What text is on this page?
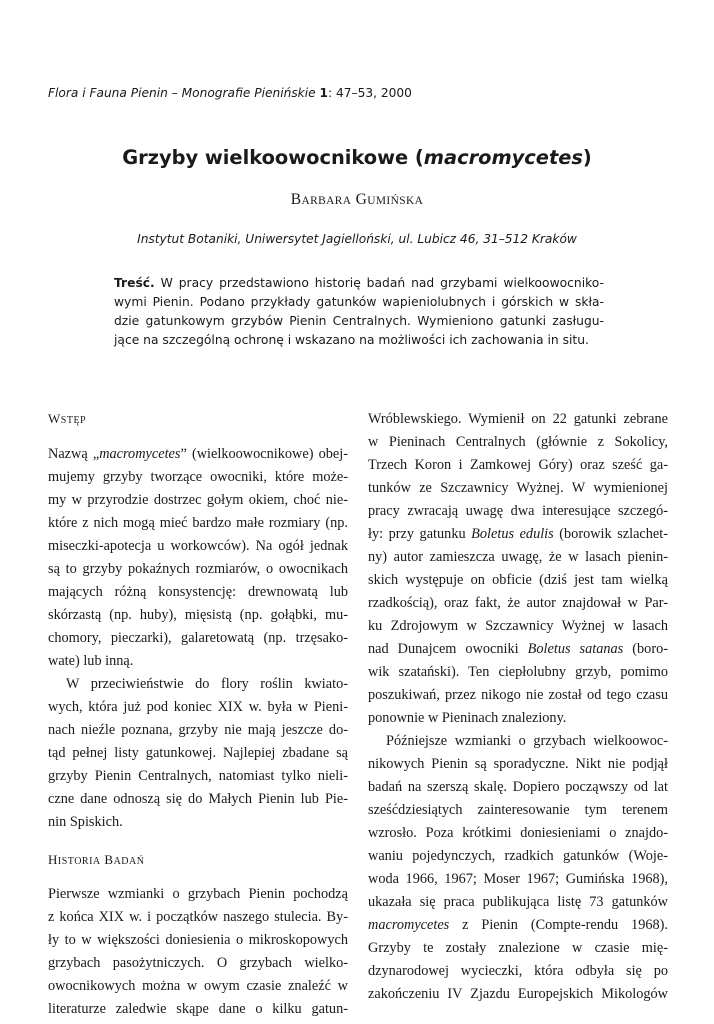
Flora i Fauna Pienin – Monografie Pienińskie 1: 47–53, 2000
Grzyby wielkoowocnikowe (macromycetes)
BARBARA GUMIŃSKA
Instytut Botaniki, Uniwersytet Jagielloński, ul. Lubicz 46, 31–512 Kraków
Treść. W pracy przedstawiono historię badań nad grzybami wielkoowocniko-
wymi Pienin. Podano przykłady gatunków wapieniolubnych i górskich w skła-
dzie gatunkowym grzybów Pienin Centralnych. Wymieniono gatunki zasługu-
jące na szczególną ochronę i wskazano na możliwości ich zachowania in situ.
WSTĘP
Nazwą „macromycetes” (wielkoowocnikowe) obej-
mujemy grzyby tworzące owocniki, które może-
my w przyrodzie dostrzec gołym okiem, choć nie-
które z nich mogą mieć bardzo małe rozmiary (np.
miseczki-apotecja u workowców). Na ogół jednak
są to grzyby pokaźnych rozmiarów, o owocnikach
mających różną konsystencję: drewnowatą lub
skórzastą (np. huby), mięsistą (np. gołąbki, mu-
chomory, pieczarki), galaretowatą (np. trzęsako-
wate) lub inną.
W przeciwieństwie do flory roślin kwiato-
wych, która już pod koniec XIX w. była w Pieni-
nach nieźle poznana, grzyby nie mają jeszcze do-
tąd pełnej listy gatunkowej. Najlepiej zbadane są
grzyby Pienin Centralnych, natomiast tylko nieli-
czne dane odnoszą się do Małych Pienin lub Pie-
nin Spiskich.
HISTORIA BADAŃ
Pierwsze wzmianki o grzybach Pienin pochodzą
z końca XIX w. i początków naszego stulecia. By-
ły to w większości doniesienia o mikroskopowych
grzybach pasożytniczych. O grzybach wielko-
owocnikowych można w owym czasie znaleźć w
literaturze zaledwie skąpe dane o kilku gatun-
Wróblewskiego. Wymienił on 22 gatunki zebrane
w Pieninach Centralnych (głównie z Sokolicy,
Trzech Koron i Zamkowej Góry) oraz sześć ga-
tunków ze Szczawnicy Wyżnej. W wymienionej
pracy zwracają uwagę dwa interesujące szczegó-
ły: przy gatunku Boletus edulis (borowik szlachet-
ny) autor zamieszcza uwagę, że w lasach pienin-
skich występuje on obficie (dziś jest tam wielką
rzadkością), oraz fakt, że autor znajdował w Par-
ku Zdrojowym w Szczawnicy Wyżnej w lasach
nad Dunajcem owocniki Boletus satanas (borо-
wik szatański). Ten ciepłolubny grzyb, pomimo
poszukiwań, przez nikogo nie został od tego czasu
ponownie w Pieninach znaleziony.
Późniejsze wzmianki o grzybach wielkoowoc-
nikowych Pienin są sporadyczne. Nikt nie podjął
badań na szerszą skalę. Dopiero począwszy od lat
sześćdziesiątych zainteresowanie tym terenem
wzrosło. Poza krótkimi doniesieniami o znajdo-
waniu pojedynczych, rzadkich gatunków (Woje-
woda 1966, 1967; Moser 1967; Gumińska 1968),
ukazała się praca publikująca listę 73 gatunków
macromycetes z Pienin (Compte-rendu 1968).
Grzyby te zostały znalezione w czasie mię-
dzynarodowej wycieczki, która odbyła się po
zakończeniu IV Zjazdu Europejskich Mikologów
